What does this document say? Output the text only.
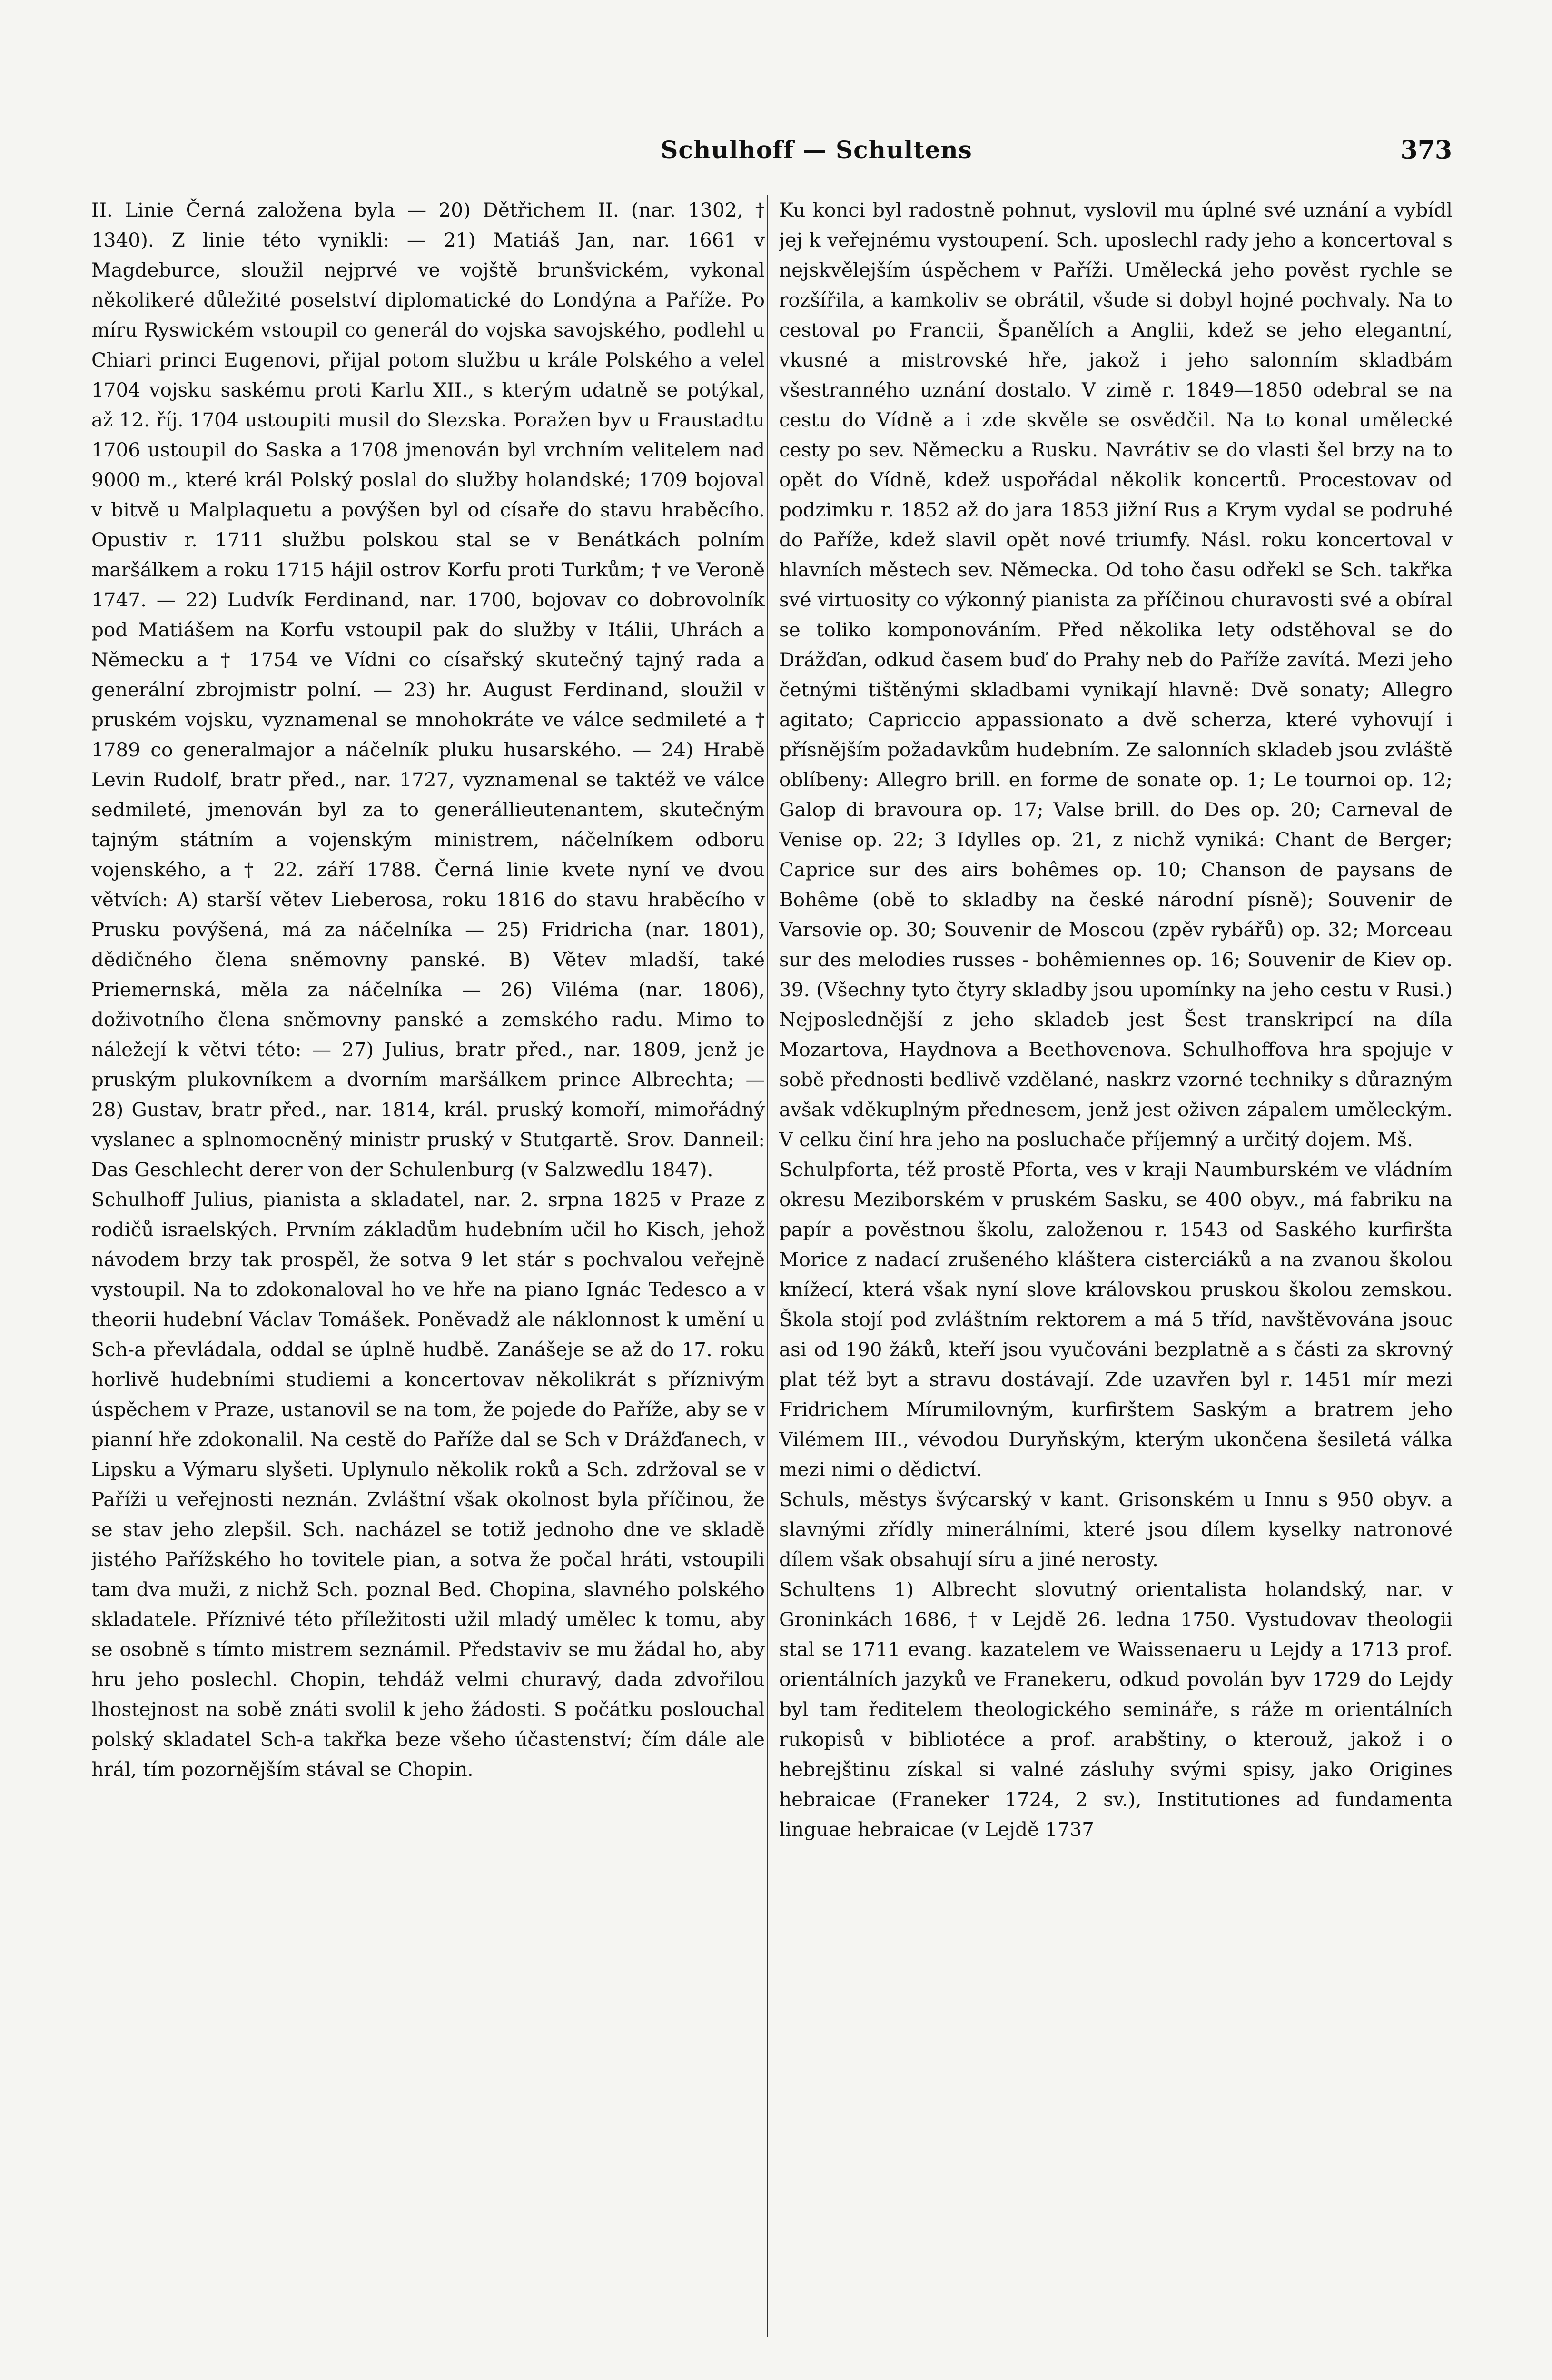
Schulhoff — Schultens	373

II. Linie Černá založena byla — 20) Dětřichem II. (nar. 1302, † 1340). Z linie této vynikli: — 21) Matiáš Jan, nar. 1661 v Magdeburce, sloužil nejprvé ve vojště brunšvickém, vykonal několikeré důležité poselství diplomatické do Londýna a Paříže. Po míru Ryswickém vstoupil co generál do vojska savojského, podlehl u Chiari princi Eugenovi, přijal potom službu u krále Polského a velel 1704 vojsku saskému proti Karlu XII., s kterým udatně se potýkal, až 12. říj. 1704 ustoupiti musil do Slezska. Poražen byv u Fraustadtu 1706 ustoupil do Saska a 1708 jmenován byl vrchním velitelem nad 9000 m., které král Polský poslal do služby holandské; 1709 bojoval v bitvě u Malplaquetu a povýšen byl od císaře do stavu hraběcího. Opustiv r. 1711 službu polskou stal se v Benátkách polním maršálkem a roku 1715 hájil ostrov Korfu proti Turkům; † ve Veroně 1747. — 22) Ludvík Ferdinand, nar. 1700, bojovav co dobrovolník pod Matiášem na Korfu vstoupil pak do služby v Itálii, Uhrách a Německu a † 1754 ve Vídni co císařský skutečný tajný rada a generální zbrojmistr polní. — 23) hr. August Ferdinand, sloužil v pruském vojsku, vyznamenal se mnohokráte ve válce sedmileté a † 1789 co generalmajor a náčelník pluku husarského. — 24) Hrabě Levin Rudolf, bratr před., nar. 1727, vyznamenal se taktéž ve válce sedmileté, jmenován byl za to generállieutenantem, skutečným tajným státním a vojenským ministrem, náčelníkem odboru vojenského, a † 22. září 1788. Černá linie kvete nyní ve dvou větvích: A) starší větev Lieberosa, roku 1816 do stavu hraběcího v Prusku povýšená, má za náčelníka — 25) Fridricha (nar. 1801), dědičného člena sněmovny panské. B) Větev mladší, také Priemernská, měla za náčelníka — 26) Viléma (nar. 1806), doživotního člena sněmovny panské a zemského radu. Mimo to náležejí k větvi této: — 27) Julius, bratr před., nar. 1809, jenž je pruským plukovníkem a dvorním maršálkem prince Albrechta; — 28) Gustav, bratr před., nar. 1814, král. pruský komoří, mimořádný vyslanec a splnomocněný ministr pruský v Stutgartě. Srov. Danneil: Das Geschlecht derer von der Schulenburg (v Salzwedlu 1847).

Schulhoff Julius, pianista a skladatel, nar. 2. srpna 1825 v Praze z rodičů israelských. Prvním základům hudebním učil ho Kisch, jehož návodem brzy tak prospěl, že sotva 9 let stár s pochvalou veřejně vystoupil. Na to zdokonaloval ho ve hře na piano Ignác Tedesco a v theorii hudební Václav Tomášek. Poněvadž ale náklonnost k umění u Sch-a převládala, oddal se úplně hudbě. Zanášeje se až do 17. roku horlivě hudebními studiemi a koncertovav několikrát s příznivým úspěchem v Praze, ustanovil se na tom, že pojede do Paříže, aby se v pianní hře zdokonalil. Na cestě do Paříže dal se Sch v Drážďanech, v Lipsku a Výmaru slyšeti. Uplynulo několik roků a Sch. zdržoval se v Paříži u veřejnosti neznán. Zvláštní však okolnost byla příčinou, že se stav jeho zlepšil. Sch. nacházel se totiž jednoho dne ve skladě jistého Pařížského ho tovitele pian, a sotva že počal hráti, vstoupili tam dva muži, z nichž Sch. poznal Bed. Chopina, slavného polského skladatele. Příznivé této příležitosti užil mladý umělec k tomu, aby se osobně s tímto mistrem seznámil. Představiv se mu žádal ho, aby hru jeho poslechl. Chopin, tehdáž velmi churavý, dada zdvořilou lhostejnost na sobě znáti svolil k jeho žádosti. S počátku poslouchal polský skladatel Sch-a takřka beze všeho účastenství; čím dále ale hrál, tím pozornějším stával se Chopin.

Ku konci byl radostně pohnut, vyslovil mu úplné své uznání a vybídl jej k veřejnému vystoupení. Sch. uposlechl rady jeho a koncertoval s nejskvělejším úspěchem v Paříži. Umělecká jeho pověst rychle se rozšířila, a kamkoliv se obrátil, všude si dobyl hojné pochvaly. Na to cestoval po Francii, Španělích a Anglii, kdež se jeho elegantní, vkusné a mistrovské hře, jakož i jeho salonním skladbám všestranného uznání dostalo. V zimě r. 1849—1850 odebral se na cestu do Vídně a i zde skvěle se osvědčil. Na to konal umělecké cesty po sev. Německu a Rusku. Navrátiv se do vlasti šel brzy na to opět do Vídně, kdež uspořádal několik koncertů. Procestovav od podzimku r. 1852 až do jara 1853 jižní Rus a Krym vydal se podruhé do Paříže, kdež slavil opět nové triumfy. Násl. roku koncertoval v hlavních městech sev. Německa. Od toho času odřekl se Sch. takřka své virtuosity co výkonný pianista za příčinou churavosti své a obíral se toliko komponováním. Před několika lety odstěhoval se do Drážďan, odkud časem buď do Prahy neb do Paříže zavítá. Mezi jeho četnými tištěnými skladbami vynikají hlavně: Dvě sonaty; Allegro agitato; Capriccio appassionato a dvě scherza, které vyhovují i přísnějším požadavkům hudebním. Ze salonních skladeb jsou zvláště oblíbeny: Allegro brill. en forme de sonate op. 1; Le tournoi op. 12; Galop di bravoura op. 17; Valse brill. do Des op. 20; Carneval de Venise op. 22; 3 Idylles op. 21, z nichž vyniká: Chant de Berger; Caprice sur des airs bohêmes op. 10; Chanson de paysans de Bohême (obě to skladby na české národní písně); Souvenir de Varsovie op. 30; Souvenir de Moscou (zpěv rybářů) op. 32; Morceau sur des melodies russes - bohêmiennes op. 16; Souvenir de Kiev op. 39. (Všechny tyto čtyry skladby jsou upomínky na jeho cestu v Rusi.) Nejposlednější z jeho skladeb jest Šest transkripcí na díla Mozartova, Haydnova a Beethovenova. Schulhoffova hra spojuje v sobě přednosti bedlivě vzdělané, naskrz vzorné techniky s důrazným avšak vděkuplným přednesem, jenž jest oživen zápalem uměleckým. V celku činí hra jeho na posluchače příjemný a určitý dojem. Mš.

Schulpforta, též prostě Pforta, ves v kraji Naumburském ve vládním okresu Meziborském v pruském Sasku, se 400 obyv., má fabriku na papír a pověstnou školu, založenou r. 1543 od Saského kurfiršta Morice z nadací zrušeného kláštera cisterciáků a na zvanou školou knížecí, která však nyní slove královskou pruskou školou zemskou. Škola stojí pod zvláštním rektorem a má 5 tříd, navštěvována jsouc asi od 190 žáků, kteří jsou vyučováni bezplatně a s části za skrovný plat též byt a stravu dostávají. Zde uzavřen byl r. 1451 mír mezi Fridrichem Mírumilovným, kurfirštem Saským a bratrem jeho Vilémem III., vévodou Duryňským, kterým ukončena šesiletá válka mezi nimi o dědictví.

Schuls, městys švýcarský v kant. Grisonském u Innu s 950 obyv. a slavnými zřídly minerálními, které jsou dílem kyselky natronové dílem však obsahují síru a jiné nerosty.

Schultens 1) Albrecht slovutný orientalista holandský, nar. v Groninkách 1686, † v Lejdě 26. ledna 1750. Vystudovav theologii stal se 1711 evang. kazatelem ve Waissenaeru u Lejdy a 1713 prof. orientálních jazyků ve Franekeru, odkud povolán byv 1729 do Lejdy byl tam ředitelem theologického semináře, s ráže m orientálních rukopisů v bibliotéce a prof. arabštiny, o kterouž, jakož i o hebrejštinu získal si valné zásluhy svými spisy, jako Origines hebraicae (Franeker 1724, 2 sv.), Institutiones ad fundamenta linguae hebraicae (v Lejdě 1737
